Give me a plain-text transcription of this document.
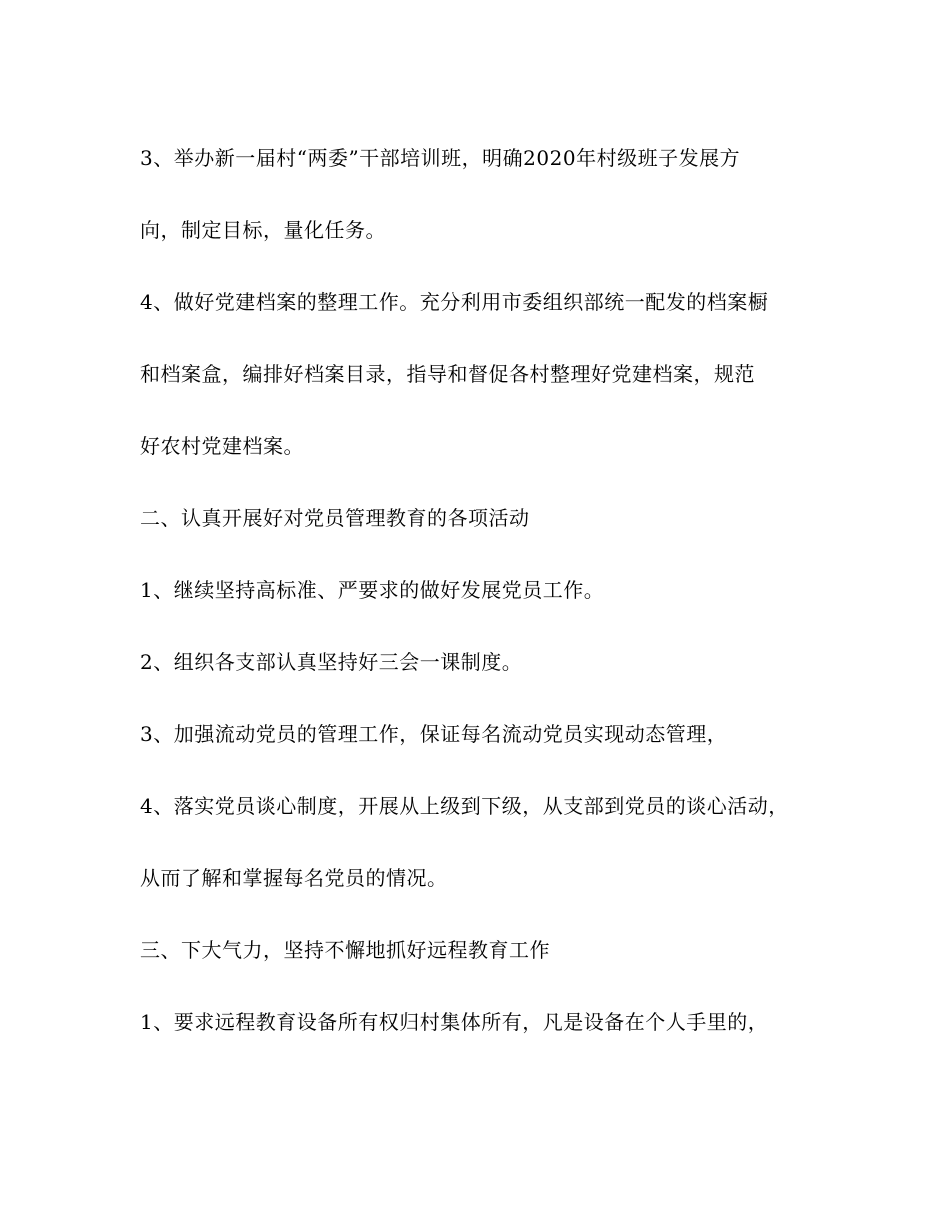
3、举办新一届村“两委”干部培训班，明确2020年村级班子发展方
向，制定目标，量化任务。
4、做好党建档案的整理工作。充分利用市委组织部统一配发的档案橱
和档案盒，编排好档案目录，指导和督促各村整理好党建档案，规范
好农村党建档案。
二、认真开展好对党员管理教育的各项活动
1、继续坚持高标准、严要求的做好发展党员工作。
2、组织各支部认真坚持好三会一课制度。
3、加强流动党员的管理工作，保证每名流动党员实现动态管理，
4、落实党员谈心制度，开展从上级到下级，从支部到党员的谈心活动，
从而了解和掌握每名党员的情况。
三、下大气力，坚持不懈地抓好远程教育工作
1、要求远程教育设备所有权归村集体所有，凡是设备在个人手里的，
